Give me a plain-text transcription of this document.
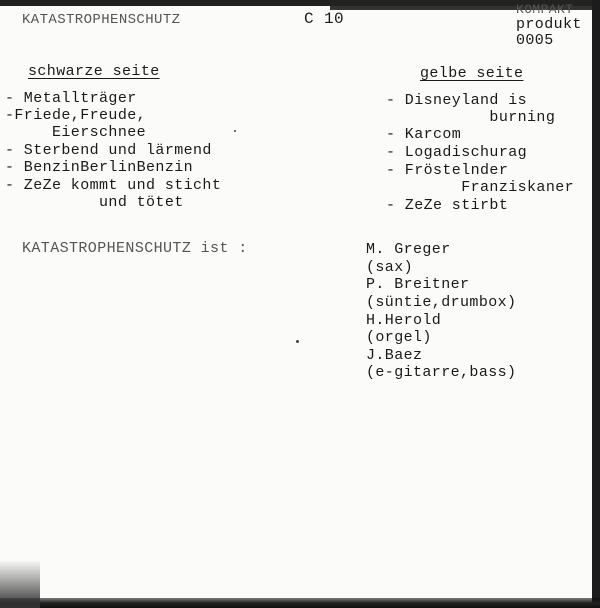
KATASTROPHENSCHUTZ	C 10
KOMPAKT
produkt
0005
schwarze seite
- Metallträger
-Friede,Freude,
Eierschnee
- Sterbend und lärmend
- BenzinBerlinBenzin
- ZeZe kommt und sticht
und tötet
gelbe seite
- Disneyland is
burning
- Karcom
- Logadischurag
- Fröstelnder
Franziskaner
- ZeZe stirbt
KATASTROPHENSCHUTZ ist :	M. Greger
(sax)
P. Breitner
(süntie,drumbox)
H.Herold
(orgel)
J.Baez
(e-gitarre,bass)
